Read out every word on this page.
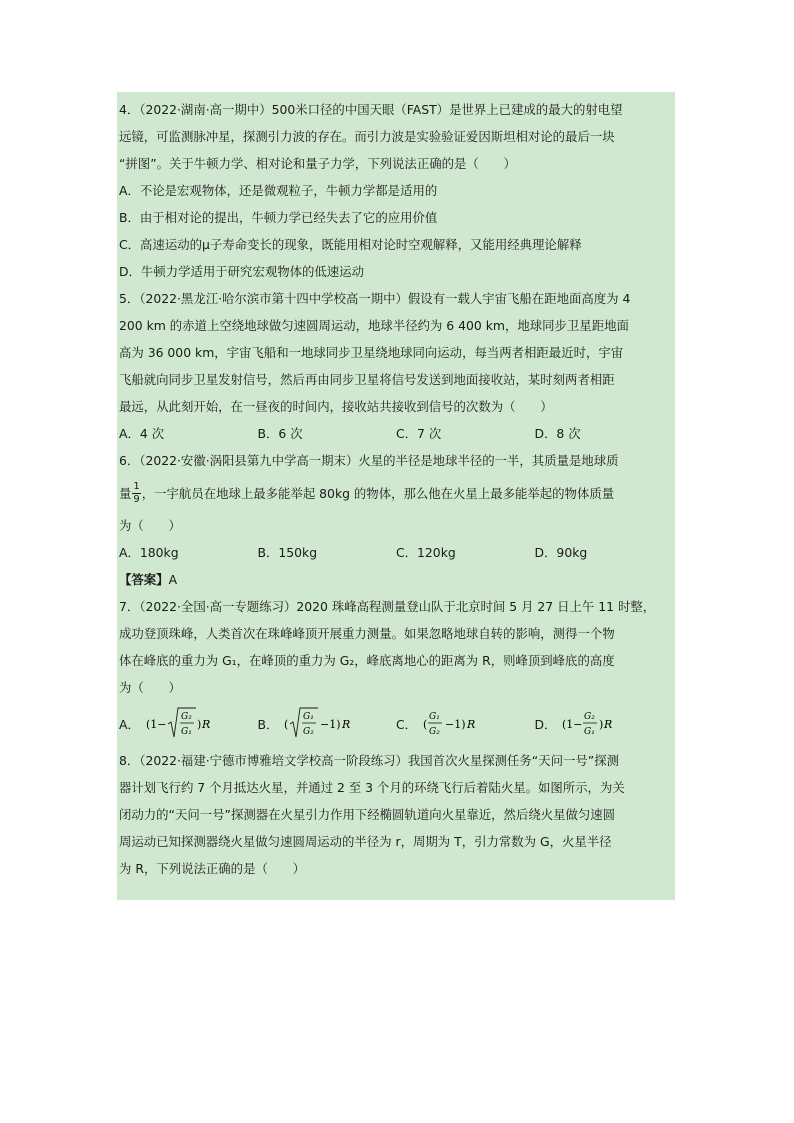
4．（2022·湖南·高一期中）500米口径的中国天眼（FAST）是世界上已建成的最大的射电望
远镜，可监测脉冲星，探测引力波的存在。而引力波是实验验证爱因斯坦相对论的最后一块
“拼图”。关于牛顿力学、相对论和量子力学，下列说法正确的是（　　）
A．不论是宏观物体，还是微观粒子，牛顿力学都是适用的
B．由于相对论的提出，牛顿力学已经失去了它的应用价值
C．高速运动的μ子寿命变长的现象，既能用相对论时空观解释，又能用经典理论解释
D．牛顿力学适用于研究宏观物体的低速运动
5．（2022·黑龙江·哈尔滨市第十四中学校高一期中）假设有一载人宇宙飞船在距地面高度为 4
200 km 的赤道上空绕地球做匀速圆周运动，地球半径约为 6 400 km，地球同步卫星距地面
高为 36 000 km，宇宙飞船和一地球同步卫星绕地球同向运动，每当两者相距最近时，宇宙
飞船就向同步卫星发射信号，然后再由同步卫星将信号发送到地面接收站，某时刻两者相距
最远，从此刻开始，在一昼夜的时间内，接收站共接收到信号的次数为（　　）
A．4 次	B．6 次	C．7 次	D．8 次
6．（2022·安徽·涡阳县第九中学高一期末）火星的半径是地球半径的一半，其质量是地球质
量 $\frac{1}{9}$ ，一宇航员在地球上最多能举起 80kg 的物体，那么他在火星上最多能举起的物体质量
为（　　）
A．180kg	B．150kg	C．120kg	D．90kg
【答案】A
7．（2022·全国·高一专题练习）2020 珠峰高程测量登山队于北京时间 5 月 27 日上午 11 时整，
成功登顶珠峰，人类首次在珠峰峰顶开展重力测量。如果忽略地球自转的影响，测得一个物
体在峰底的重力为 G₁，在峰顶的重力为 G₂，峰底离地心的距离为 R，则峰顶到峰底的高度
为（　　）
A． (1−
G₂
G₁
) R	B． (
G₁
G₂
−1) R	C． (
G₁
G₂
−1) R	D． (1−
G₂
G₁
) R
8．（2022·福建·宁德市博雅培文学校高一阶段练习）我国首次火星探测任务“天问一号”探测
器计划飞行约 7 个月抵达火星，并通过 2 至 3 个月的环绕飞行后着陆火星。如图所示，为关
闭动力的“天问一号”探测器在火星引力作用下经椭圆轨道向火星靠近，然后绕火星做匀速圆
周运动已知探测器绕火星做匀速圆周运动的半径为 r，周期为 T，引力常数为 G，火星半径
为 R，下列说法正确的是（　　）
